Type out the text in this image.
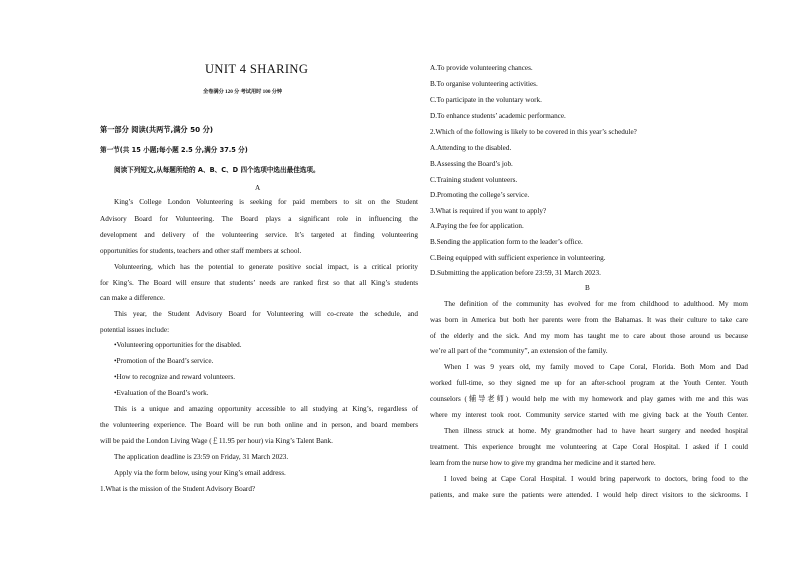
UNIT 4 SHARING
全卷满分 120 分 考试用时 100 分钟
第一部分 阅读(共两节,满分 50 分)
第一节(共 15 小题;每小题 2.5 分,满分 37.5 分)
阅读下列短文,从每题所给的 A、B、C、D 四个选项中选出最佳选项。
A
King’s College London Volunteering is seeking for paid members to sit on the Student
Advisory Board for Volunteering. The Board plays a significant role in influencing the
development and delivery of the volunteering service. It’s targeted at finding volunteering
opportunities for students, teachers and other staff members at school.
Volunteering, which has the potential to generate positive social impact, is a critical priority
for King’s. The Board will ensure that students’ needs are ranked first so that all King’s students
can make a difference.
This year, the Student Advisory Board for Volunteering will co-create the schedule, and
potential issues include:
•Volunteering opportunities for the disabled.
•Promotion of the Board’s service.
•How to recognize and reward volunteers.
•Evaluation of the Board’s work.
This is a unique and amazing opportunity accessible to all studying at King’s, regardless of
the volunteering experience. The Board will be run both online and in person, and board members
will be paid the London Living Wage (￡11.95 per hour) via King’s Talent Bank.
The application deadline is 23:59 on Friday, 31 March 2023.
Apply via the form below, using your King’s email address.
1.What is the mission of the Student Advisory Board?
A.To provide volunteering chances.
B.To organise volunteering activities.
C.To participate in the voluntary work.
D.To enhance students’ academic performance.
2.Which of the following is likely to be covered in this year’s schedule?
A.Attending to the disabled.
B.Assessing the Board’s job.
C.Training student volunteers.
D.Promoting the college’s service.
3.What is required if you want to apply?
A.Paying the fee for application.
B.Sending the application form to the leader’s office.
C.Being equipped with sufficient experience in volunteering.
D.Submitting the application before 23:59, 31 March 2023.
B
The definition of the community has evolved for me from childhood to adulthood. My mom
was born in America but both her parents were from the Bahamas. It was their culture to take care
of the elderly and the sick. And my mom has taught me to care about those around us because
we’re all part of the “community”, an extension of the family.
When I was 9 years old, my family moved to Cape Coral, Florida. Both Mom and Dad
worked full-time, so they signed me up for an after-school program at the Youth Center. Youth
counselors (辅导老师) would help me with my homework and play games with me and this was
where my interest took root. Community service started with me giving back at the Youth Center.
Then illness struck at home. My grandmother had to have heart surgery and needed hospital
treatment. This experience brought me volunteering at Cape Coral Hospital. I asked if I could
learn from the nurse how to give my grandma her medicine and it started here.
I loved being at Cape Coral Hospital. I would bring paperwork to doctors, bring food to the
patients, and make sure the patients were attended. I would help direct visitors to the sickrooms. I
